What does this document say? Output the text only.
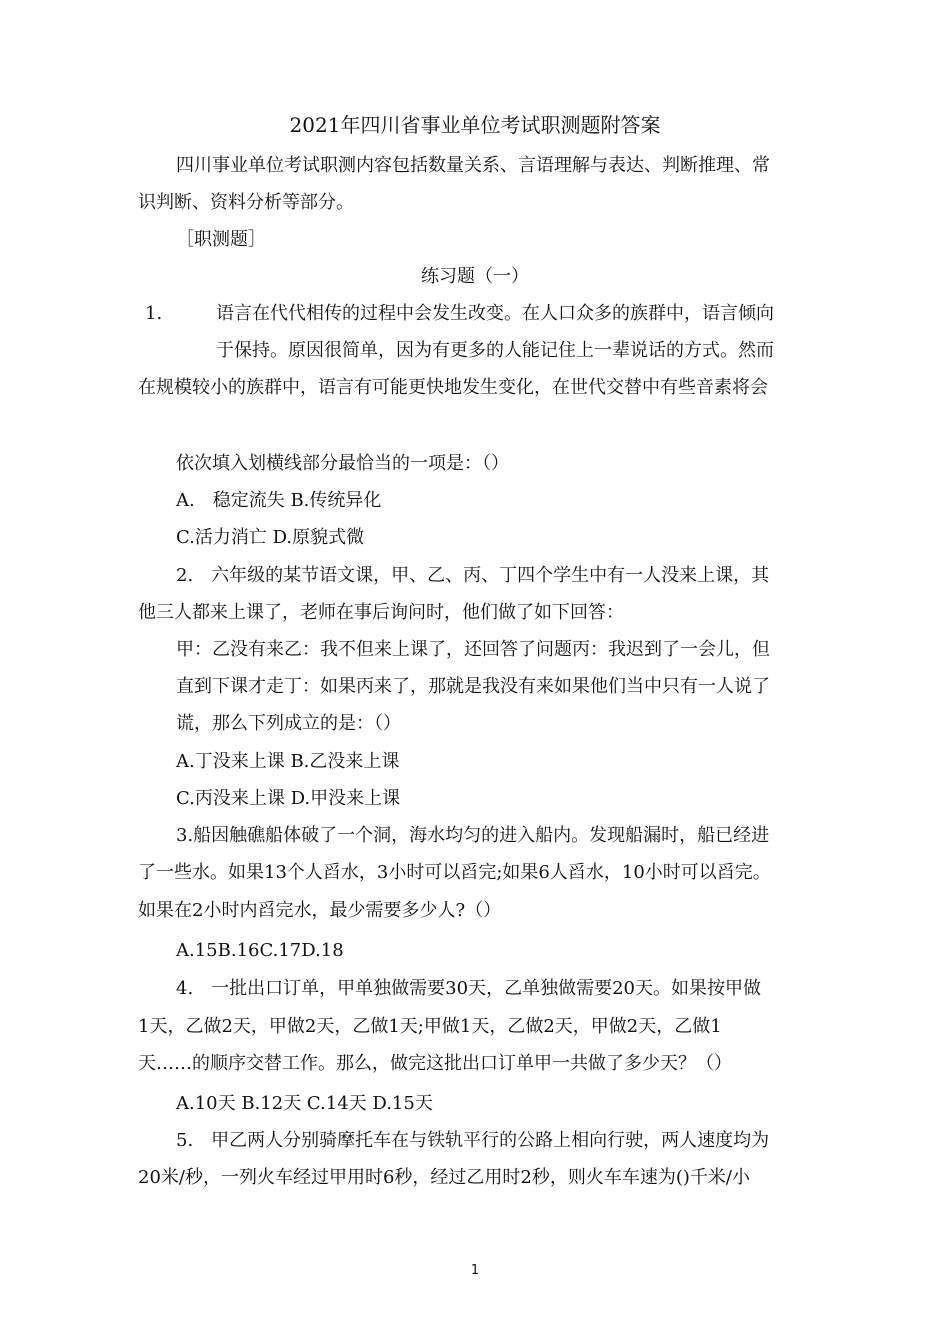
2021年四川省事业单位考试职测题附答案
四川事业单位考试职测内容包括数量关系、言语理解与表达、判断推理、常
识判断、资料分析等部分。
［职测题］
练习题（一）
1.	语言在代代相传的过程中会发生改变。在人口众多的族群中，语言倾向
于保持。原因很简单，因为有更多的人能记住上一辈说话的方式。然而
在规模较小的族群中，语言有可能更快地发生变化，在世代交替中有些音素将会
依次填入划横线部分最恰当的一项是：（）
A.　稳定流失 B.传统异化
C.活力消亡 D.原貌式微
2.　六年级的某节语文课，甲、乙、丙、丁四个学生中有一人没来上课，其
他三人都来上课了，老师在事后询问时，他们做了如下回答：
甲：乙没有来乙：我不但来上课了，还回答了问题丙：我迟到了一会儿，但
直到下课才走丁：如果丙来了，那就是我没有来如果他们当中只有一人说了
谎，那么下列成立的是：（）
A.丁没来上课 B.乙没来上课
C.丙没来上课 D.甲没来上课
3.船因触礁船体破了一个洞，海水均匀的进入船内。发现船漏时，船已经进
了一些水。如果13个人舀水，3小时可以舀完;如果6人舀水，10小时可以舀完。
如果在2小时内舀完水，最少需要多少人?（）
A.15B.16C.17D.18
4.　一批出口订单，甲单独做需要30天，乙单独做需要20天。如果按甲做
1天，乙做2天，甲做2天，乙做1天;甲做1天，乙做2天，甲做2天，乙做1
天……的顺序交替工作。那么，做完这批出口订单甲一共做了多少天？（）
A.10天 B.12天 C.14天 D.15天
5.　甲乙两人分别骑摩托车在与铁轨平行的公路上相向行驶，两人速度均为
20米/秒，一列火车经过甲用时6秒，经过乙用时2秒，则火车车速为()千米/小
1
